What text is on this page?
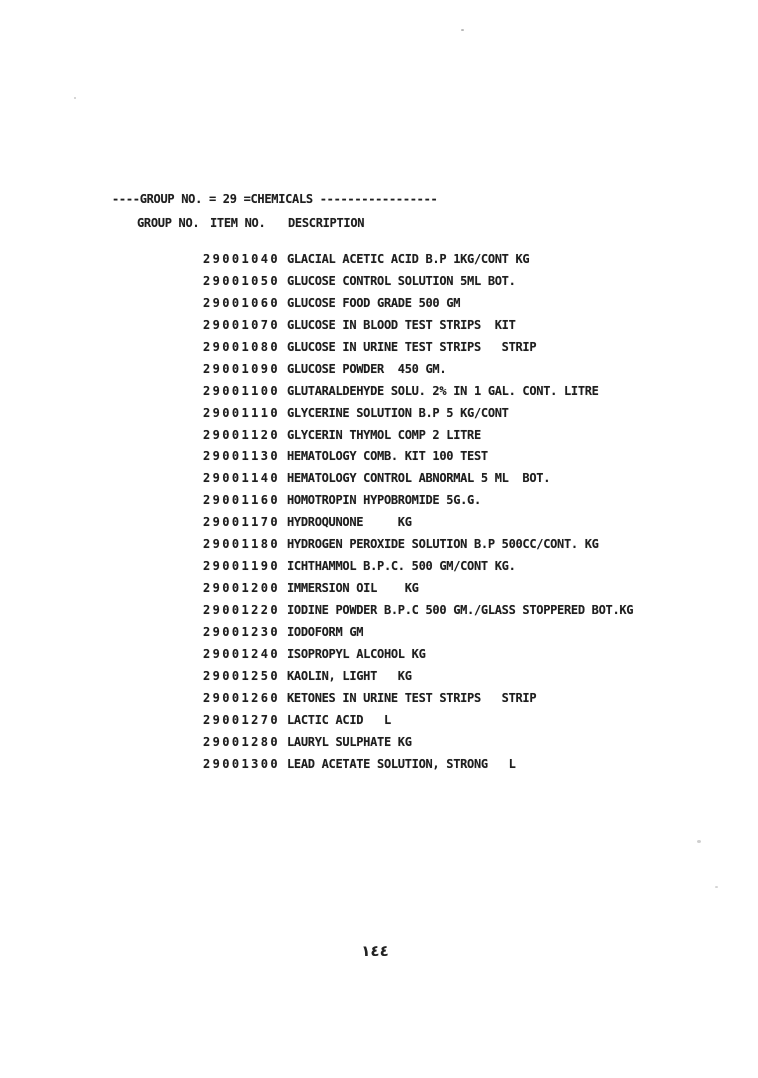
----GROUP NO. = 29 =CHEMICALS -----------------
GROUP NO. ITEM NO. DESCRIPTION
29001040 GLACIAL ACETIC ACID B.P 1KG/CONT KG
29001050 GLUCOSE CONTROL SOLUTION 5ML BOT.
29001060 GLUCOSE FOOD GRADE 500 GM
29001070 GLUCOSE IN BLOOD TEST STRIPS  KIT
29001080 GLUCOSE IN URINE TEST STRIPS   STRIP
29001090 GLUCOSE POWDER  450 GM.
29001100 GLUTARALDEHYDE SOLU. 2% IN 1 GAL. CONT. LITRE
29001110 GLYCERINE SOLUTION B.P 5 KG/CONT
29001120 GLYCERIN THYMOL COMP 2 LITRE
29001130 HEMATOLOGY COMB. KIT 100 TEST
29001140 HEMATOLOGY CONTROL ABNORMAL 5 ML  BOT.
29001160 HOMOTROPIN HYPOBROMIDE 5G.G.
29001170 HYDROQUNONE     KG
29001180 HYDROGEN PEROXIDE SOLUTION B.P 500CC/CONT. KG
29001190 ICHTHAMMOL B.P.C. 500 GM/CONT KG.
29001200 IMMERSION OIL    KG
29001220 IODINE POWDER B.P.C 500 GM./GLASS STOPPERED BOT.KG
29001230 IODOFORM GM
29001240 ISOPROPYL ALCOHOL KG
29001250 KAOLIN, LIGHT   KG
29001260 KETONES IN URINE TEST STRIPS   STRIP
29001270 LACTIC ACID   L
29001280 LAURYL SULPHATE KG
29001300 LEAD ACETATE SOLUTION, STRONG   L
١٤٤
